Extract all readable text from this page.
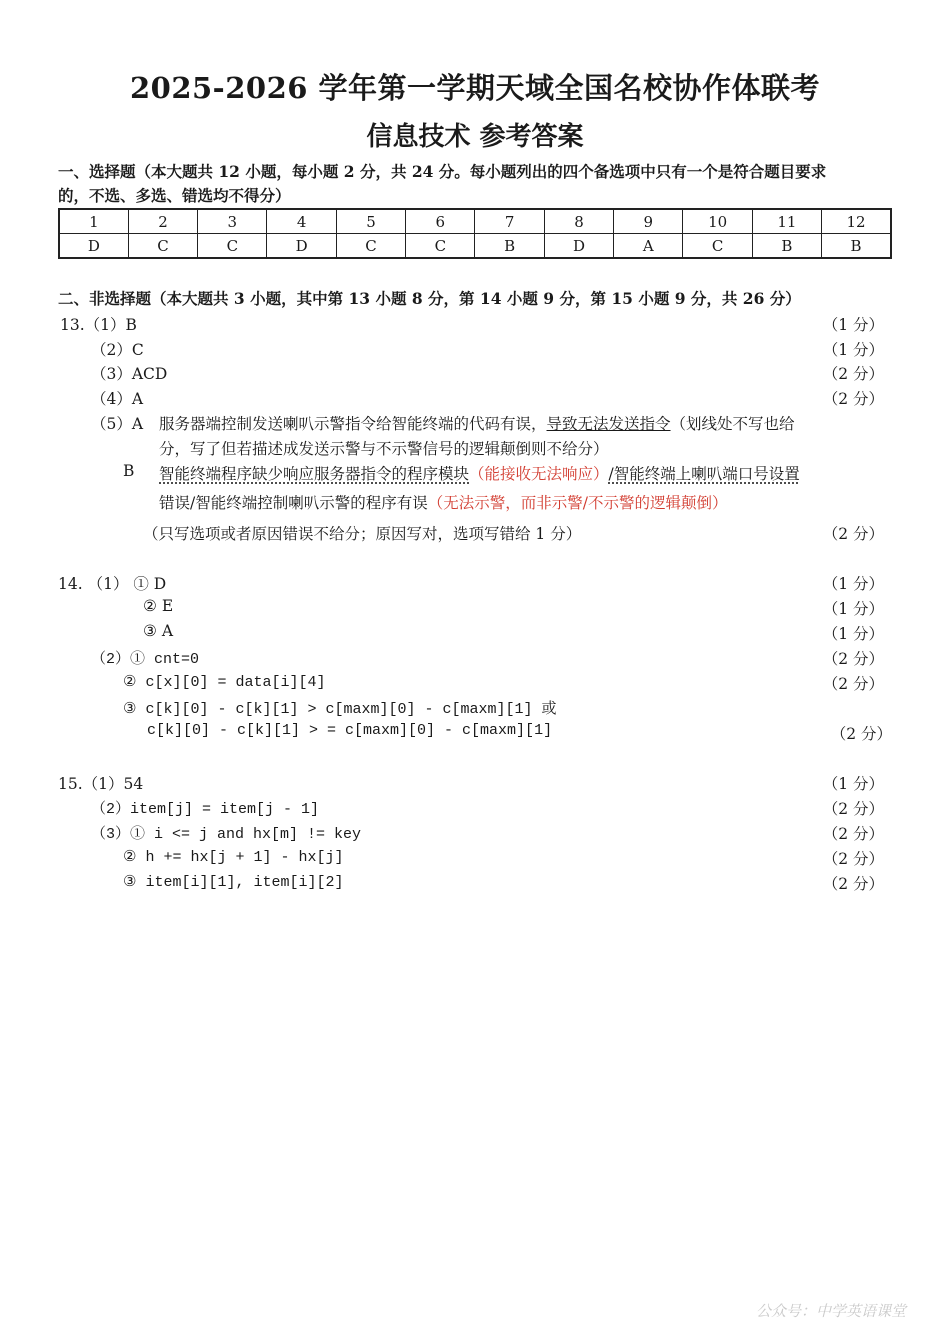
2025-2026 学年第一学期天域全国名校协作体联考
信息技术 参考答案
一、选择题（本大题共 12 小题，每小题 2 分，共 24 分。每小题列出的四个备选项中只有一个是符合题目要求
的，不选、多选、错选均不得分）
1	2	3	4	5	6	7	8	9	10	11	12
D	C	C	D	C	C	B	D	A	C	B	B
二、非选择题（本大题共 3 小题，其中第 13 小题 8 分，第 14 小题 9 分，第 15 小题 9 分，共 26 分）
13.（1）B	（1 分）
（2）C	（1 分）
（3）ACD	（2 分）
（4）A	（2 分）
（5）A 服务器端控制发送喇叭示警指令给智能终端的代码有误，导致无法发送指令（划线处不写也给
分，写了但若描述成发送示警与不示警信号的逻辑颠倒则不给分）
B 智能终端程序缺少响应服务器指令的程序模块（能接收无法响应）/智能终端上喇叭端口号设置
错误/智能终端控制喇叭示警的程序有误（无法示警，而非示警/不示警的逻辑颠倒）
（只写选项或者原因错误不给分；原因写对，选项写错给 1 分）	（2 分）
14. （1） ① D	（1 分）
② E	（1 分）
③ A	（1 分）
（2）① cnt=0	（2 分）
② c[x][0] = data[i][4]	（2 分）
③ c[k][0] - c[k][1] > c[maxm][0] - c[maxm][1] 或
c[k][0] - c[k][1] > = c[maxm][0] - c[maxm][1]	（2 分）
15.（1）54	（1 分）
（2）item[j] = item[j - 1]	（2 分）
（3）① i <= j and hx[m] != key	（2 分）
② h += hx[j + 1] - hx[j]	（2 分）
③ item[i][1], item[i][2]	（2 分）
公众号：中学英语课堂
